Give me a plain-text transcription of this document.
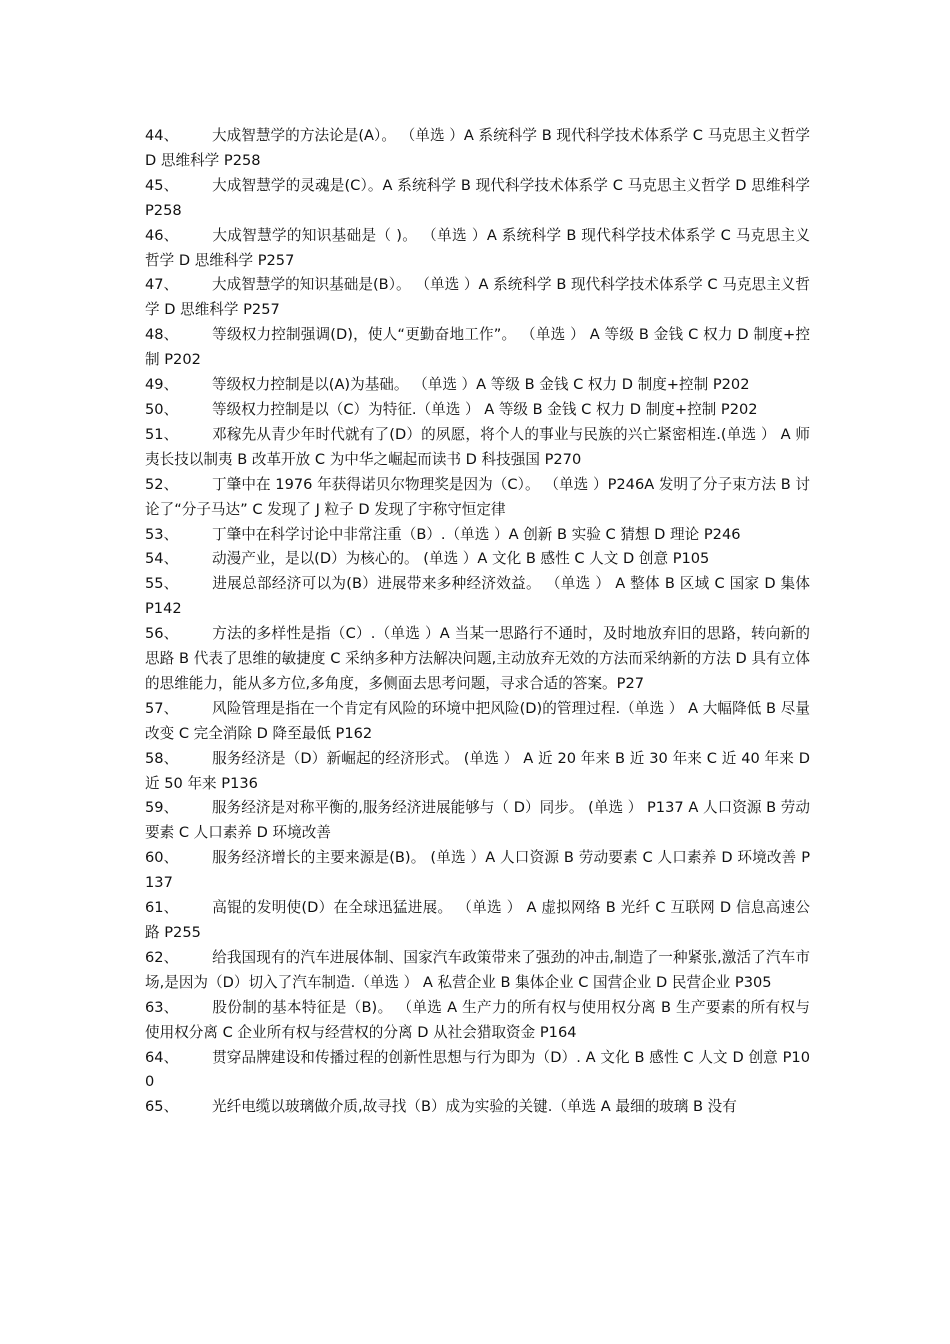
44、 大成智慧学的方法论是(A）。 （单选 ）A 系统科学 B 现代科学技术体系学 C 马克思主义哲学 D 思维科学 P258
45、 大成智慧学的灵魂是(C）。A 系统科学 B 现代科学技术体系学 C 马克思主义哲学 D 思维科学 P258
46、 大成智慧学的知识基础是（ )。 （单选 ）A 系统科学 B 现代科学技术体系学 C 马克思主义哲学 D 思维科学 P257
47、 大成智慧学的知识基础是(B）。 （单选 ）A 系统科学 B 现代科学技术体系学 C 马克思主义哲学 D 思维科学 P257
48、 等级权力控制强调(D)，使人“更勤奋地工作”。 （单选 ） A 等级 B 金钱 C 权力 D 制度+控制 P202
49、 等级权力控制是以(A)为基础。 （单选 ）A 等级 B 金钱 C 权力 D 制度+控制 P202
50、 等级权力控制是以（C）为特征.（单选 ） A 等级 B 金钱 C 权力 D 制度+控制 P202
51、 邓稼先从青少年时代就有了(D）的夙愿，将个人的事业与民族的兴亡紧密相连.(单选 ） A 师夷长技以制夷 B 改革开放 C 为中华之崛起而读书 D 科技强国 P270
52、 丁肇中在 1976 年获得诺贝尔物理奖是因为（C）。 （单选 ）P246A 发明了分子束方法 B 讨论了“分子马达” C 发现了 J 粒子 D 发现了宇称守恒定律
53、 丁肇中在科学讨论中非常注重（B）.（单选 ）A 创新 B 实验 C 猜想 D 理论 P246
54、 动漫产业，是以(D）为核心的。 (单选 ）A 文化 B 感性 C 人文 D 创意 P105
55、 进展总部经济可以为(B）进展带来多种经济效益。 （单选 ） A 整体 B 区域 C 国家 D 集体 P142
56、 方法的多样性是指（C）.（单选 ）A 当某一思路行不通时，及时地放弃旧的思路，转向新的思路 B 代表了思维的敏捷度 C 采纳多种方法解决问题,主动放弃无效的方法而采纳新的方法 D 具有立体的思维能力，能从多方位,多角度，多侧面去思考问题，寻求合适的答案。P27
57、 风险管理是指在一个肯定有风险的环境中把风险(D)的管理过程.（单选 ） A 大幅降低 B 尽量改变 C 完全消除 D 降至最低 P162
58、 服务经济是（D）新崛起的经济形式。 (单选 ） A 近 20 年来 B 近 30 年来 C 近 40 年来 D 近 50 年来 P136
59、 服务经济是对称平衡的,服务经济进展能够与（ D）同步。 (单选 ） P137 A 人口资源 B 劳动要素 C 人口素养 D 环境改善
60、 服务经济增长的主要来源是(B)。 (单选 ）A 人口资源 B 劳动要素 C 人口素养 D 环境改善 P137
61、 高锟的发明使(D）在全球迅猛进展。 （单选 ） A 虚拟网络 B 光纤 C 互联网 D 信息高速公路 P255
62、 给我国现有的汽车进展体制、国家汽车政策带来了强劲的冲击,制造了一种紧张,激活了汽车市场,是因为（D）切入了汽车制造.（单选 ） A 私营企业 B 集体企业 C 国营企业 D 民营企业 P305
63、 股份制的基本特征是（B)。 （单选 A 生产力的所有权与使用权分离 B 生产要素的所有权与使用权分离 C 企业所有权与经营权的分离 D 从社会猎取资金 P164
64、 贯穿品牌建设和传播过程的创新性思想与行为即为（D）. A 文化 B 感性 C 人文 D 创意 P100
65、 光纤电缆以玻璃做介质,故寻找（B）成为实验的关键.（单选 A 最细的玻璃 B 没有
